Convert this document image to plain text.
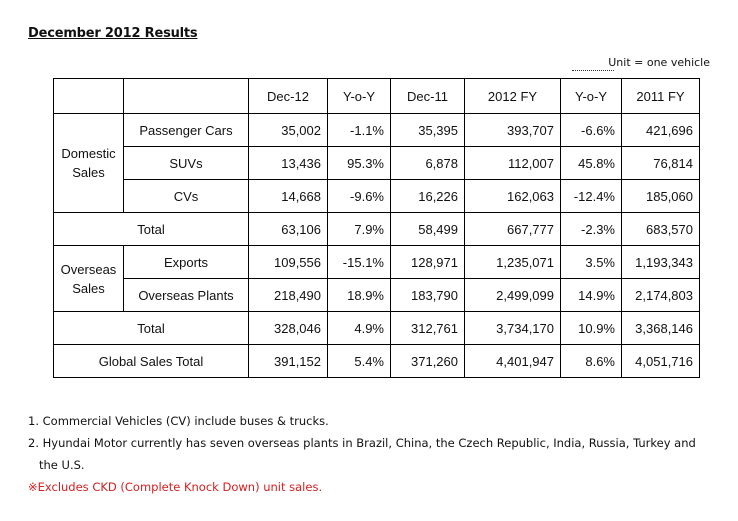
December 2012 Results
Unit = one vehicle
		Dec-12	Y-o-Y	Dec-11	2012 FY	Y-o-Y	2011 FY
Domestic
Sales	Passenger Cars	35,002	-1.1%	35,395	393,707	-6.6%	421,696
	SUVs	13,436	95.3%	6,878	112,007	45.8%	76,814
	CVs	14,668	-9.6%	16,226	162,063	-12.4%	185,060
Total		63,106	7.9%	58,499	667,777	-2.3%	683,570
Overseas
Sales	Exports	109,556	-15.1%	128,971	1,235,071	3.5%	1,193,343
	Overseas Plants	218,490	18.9%	183,790	2,499,099	14.9%	2,174,803
Total		328,046	4.9%	312,761	3,734,170	10.9%	3,368,146
Global Sales Total		391,152	5.4%	371,260	4,401,947	8.6%	4,051,716
1. Commercial Vehicles (CV) include buses & trucks.
2. Hyundai Motor currently has seven overseas plants in Brazil, China, the Czech Republic, India, Russia, Turkey and
the U.S.
※Excludes CKD (Complete Knock Down) unit sales.
